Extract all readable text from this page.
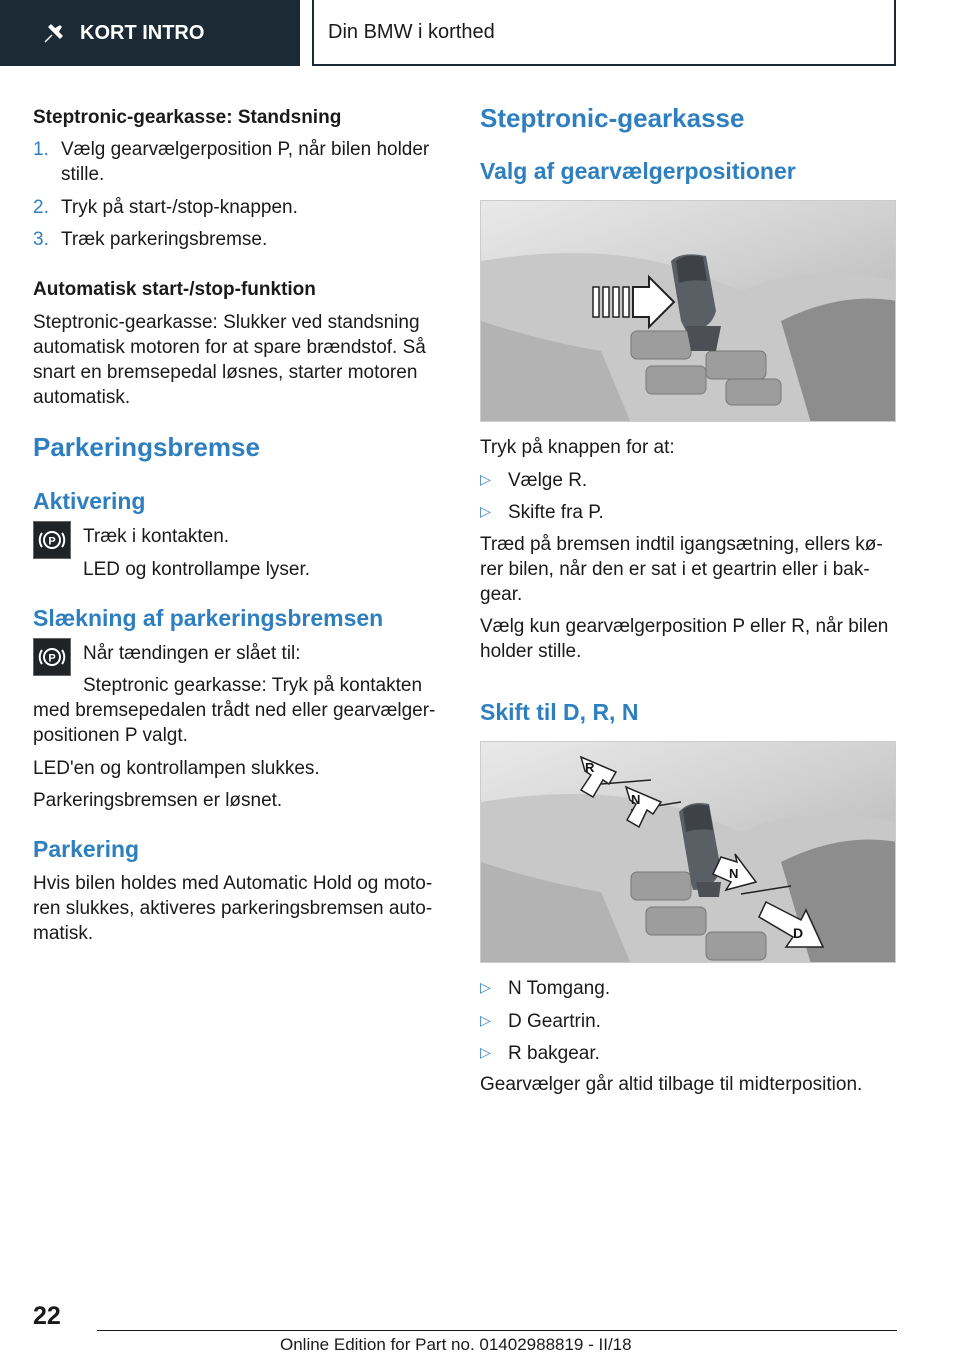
KORT INTRO	Din BMW i korthed
Steptronic-gearkasse: Standsning
1. Vælg gearvælgerposition P, når bilen holder
stille.
2. Tryk på start-/stop-knappen.
3. Træk parkeringsbremse.
Automatisk start-/stop-funktion
Steptronic-gearkasse: Slukker ved standsning
automatisk motoren for at spare brændstof. Så
snart en bremsepedal løsnes, starter motoren
automatisk.
Parkeringsbremse
Aktivering
P Træk i kontakten.
LED og kontrollampe lyser.
Slækning af parkeringsbremsen
P Når tændingen er slået til:
Steptronic gearkasse: Tryk på kontakten
med bremsepedalen trådt ned eller gearvælger-
positionen P valgt.
LED'en og kontrollampen slukkes.
Parkeringsbremsen er løsnet.
Parkering
Hvis bilen holdes med Automatic Hold og moto-
ren slukkes, aktiveres parkeringsbremsen auto-
matisk.
Steptronic-gearkasse
Valg af gearvælgerpositioner
Tryk på knappen for at:
▷ Vælge R.
▷ Skifte fra P.
Træd på bremsen indtil igangsætning, ellers kø-
rer bilen, når den er sat i et geartrin eller i bak-
gear.
Vælg kun gearvælgerposition P eller R, når bilen
holder stille.
Skift til D, R, N
R
N
N
D
▷ N Tomgang.
▷ D Geartrin.
▷ R bakgear.
Gearvælger går altid tilbage til midterposition.
22
Online Edition for Part no. 01402988819 - II/18
